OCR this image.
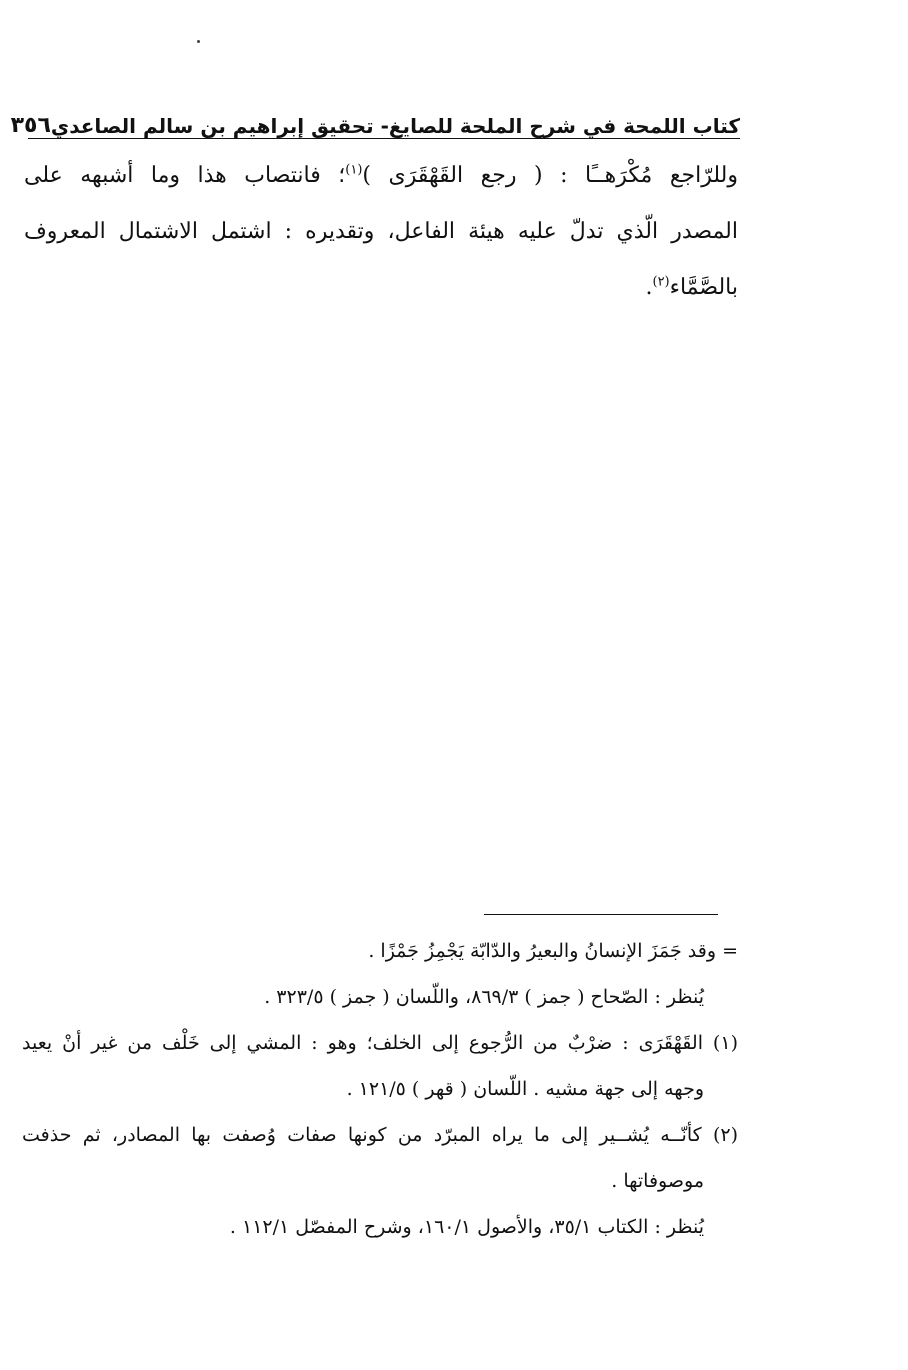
كتاب اللمحة في شرح الملحة للصايغ- تحقيق إبراهيم بن سالم الصاعدي
٣٥٦
وللرّاجع مُكْرَهــًا : ( رجع القَهْقَرَى )$^{(١)}$؛ فانتصاب هذا وما أشبهه على
المصدر الّذي تدلّ عليه هيئة الفاعل، وتقديره : اشتمل الاشتمال المعروف
بالصَّمَّاء$^{(٢)}$.
= وقد جَمَزَ الإنسانُ والبعيرُ والدّابّة يَجْمِزُ جَمْزًا .
يُنظر : الصّحاح ( جمز ) ٨٦٩/٣، واللّسان ( جمز ) ٣٢٣/٥ .
(١) القَهْقَرَى : ضرْبٌ من الرُّجوع إلى الخلف؛ وهو : المشي إلى خَلْف من غير أنْ يعيد
وجهه إلى جهة مشيه . اللّسان ( قهر ) ١٢١/٥ .
(٢) كأنّــه يُشــير إلى ما يراه المبرّد من كونها صفات وُصفت بها المصادر، ثم حذفت
موصوفاتها .
يُنظر : الكتاب ٣٥/١، والأصول ١٦٠/١، وشرح المفصّل ١١٢/١ .
